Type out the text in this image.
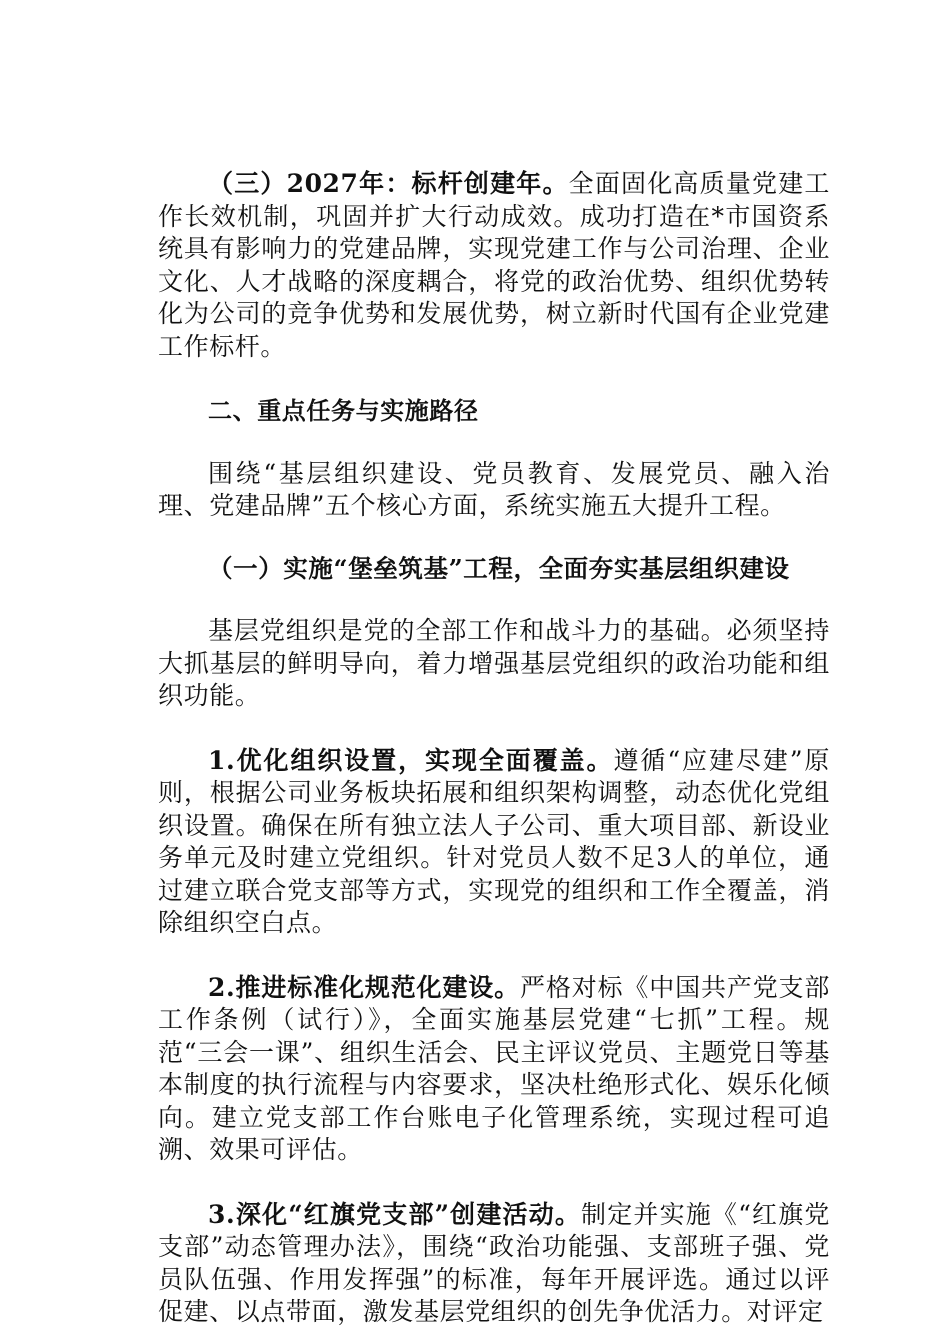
（三）2027年：标杆创建年。全面固化高质量党建工作长效机制，巩固并扩大行动成效。成功打造在*市国资系统具有影响力的党建品牌，实现党建工作与公司治理、企业文化、人才战略的深度耦合，将党的政治优势、组织优势转化为公司的竞争优势和发展优势，树立新时代国有企业党建工作标杆。

二、重点任务与实施路径

围绕“基层组织建设、党员教育、发展党员、融入治理、党建品牌”五个核心方面，系统实施五大提升工程。

（一）实施“堡垒筑基”工程，全面夯实基层组织建设

基层党组织是党的全部工作和战斗力的基础。必须坚持大抓基层的鲜明导向，着力增强基层党组织的政治功能和组织功能。

1.优化组织设置，实现全面覆盖。遵循“应建尽建”原则，根据公司业务板块拓展和组织架构调整，动态优化党组织设置。确保在所有独立法人子公司、重大项目部、新设业务单元及时建立党组织。针对党员人数不足3人的单位，通过建立联合党支部等方式，实现党的组织和工作全覆盖，消除组织空白点。

2.推进标准化规范化建设。严格对标《中国共产党支部工作条例（试行）》，全面实施基层党建“七抓”工程。规范“三会一课”、组织生活会、民主评议党员、主题党日等基本制度的执行流程与内容要求，坚决杜绝形式化、娱乐化倾向。建立党支部工作台账电子化管理系统，实现过程可追溯、效果可评估。

3.深化“红旗党支部”创建活动。制定并实施《“红旗党支部”动态管理办法》，围绕“政治功能强、支部班子强、党员队伍强、作用发挥强”的标准，每年开展评选。通过以评促建、以点带面，激发基层党组织的创先争优活力。对评定
